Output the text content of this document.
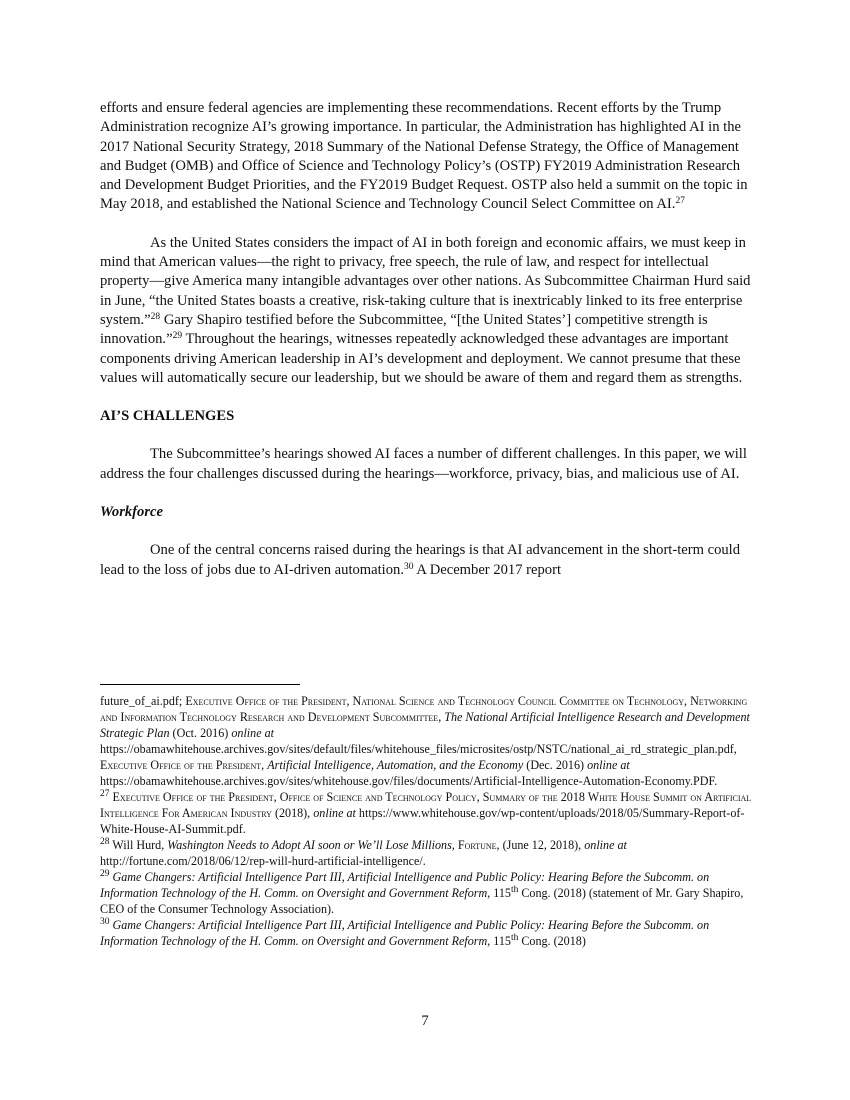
efforts and ensure federal agencies are implementing these recommendations. Recent efforts by the Trump Administration recognize AI’s growing importance. In particular, the Administration has highlighted AI in the 2017 National Security Strategy, 2018 Summary of the National Defense Strategy, the Office of Management and Budget (OMB) and Office of Science and Technology Policy’s (OSTP) FY2019 Administration Research and Development Budget Priorities, and the FY2019 Budget Request. OSTP also held a summit on the topic in May 2018, and established the National Science and Technology Council Select Committee on AI.$^{27}$

As the United States considers the impact of AI in both foreign and economic affairs, we must keep in mind that American values—the right to privacy, free speech, the rule of law, and respect for intellectual property—give America many intangible advantages over other nations. As Subcommittee Chairman Hurd said in June, “the United States boasts a creative, risk-taking culture that is inextricably linked to its free enterprise system.”$^{28}$ Gary Shapiro testified before the Subcommittee, “[the United States’] competitive strength is innovation.”$^{29}$ Throughout the hearings, witnesses repeatedly acknowledged these advantages are important components driving American leadership in AI’s development and deployment. We cannot presume that these values will automatically secure our leadership, but we should be aware of them and regard them as strengths.

AI’S CHALLENGES

The Subcommittee’s hearings showed AI faces a number of different challenges. In this paper, we will address the four challenges discussed during the hearings—workforce, privacy, bias, and malicious use of AI.

Workforce

One of the central concerns raised during the hearings is that AI advancement in the short-term could lead to the loss of jobs due to AI-driven automation.$^{30}$ A December 2017 report

future_of_ai.pdf; Executive Office of the President, National Science and Technology Council Committee on Technology, Networking and Information Technology Research and Development Subcommittee, The National Artificial Intelligence Research and Development Strategic Plan (Oct. 2016) online at https://obamawhitehouse.archives.gov/sites/default/files/whitehouse_files/microsites/ostp/NSTC/national_ai_rd_strategic_plan.pdf, Executive Office of the President, Artificial Intelligence, Automation, and the Economy (Dec. 2016) online at https://obamawhitehouse.archives.gov/sites/whitehouse.gov/files/documents/Artificial-Intelligence-Automation-Economy.PDF.

$^{27}$ Executive Office of the President, Office of Science and Technology Policy, Summary of the 2018 White House Summit on Artificial Intelligence For American Industry (2018), online at https://www.whitehouse.gov/wp-content/uploads/2018/05/Summary-Report-of-White-House-AI-Summit.pdf.

$^{28}$ Will Hurd, Washington Needs to Adopt AI soon or We’ll Lose Millions, Fortune, (June 12, 2018), online at http://fortune.com/2018/06/12/rep-will-hurd-artificial-intelligence/.

$^{29}$ Game Changers: Artificial Intelligence Part III, Artificial Intelligence and Public Policy: Hearing Before the Subcomm. on Information Technology of the H. Comm. on Oversight and Government Reform, 115th Cong. (2018) (statement of Mr. Gary Shapiro, CEO of the Consumer Technology Association).

$^{30}$ Game Changers: Artificial Intelligence Part III, Artificial Intelligence and Public Policy: Hearing Before the Subcomm. on Information Technology of the H. Comm. on Oversight and Government Reform, 115th Cong. (2018)

7
